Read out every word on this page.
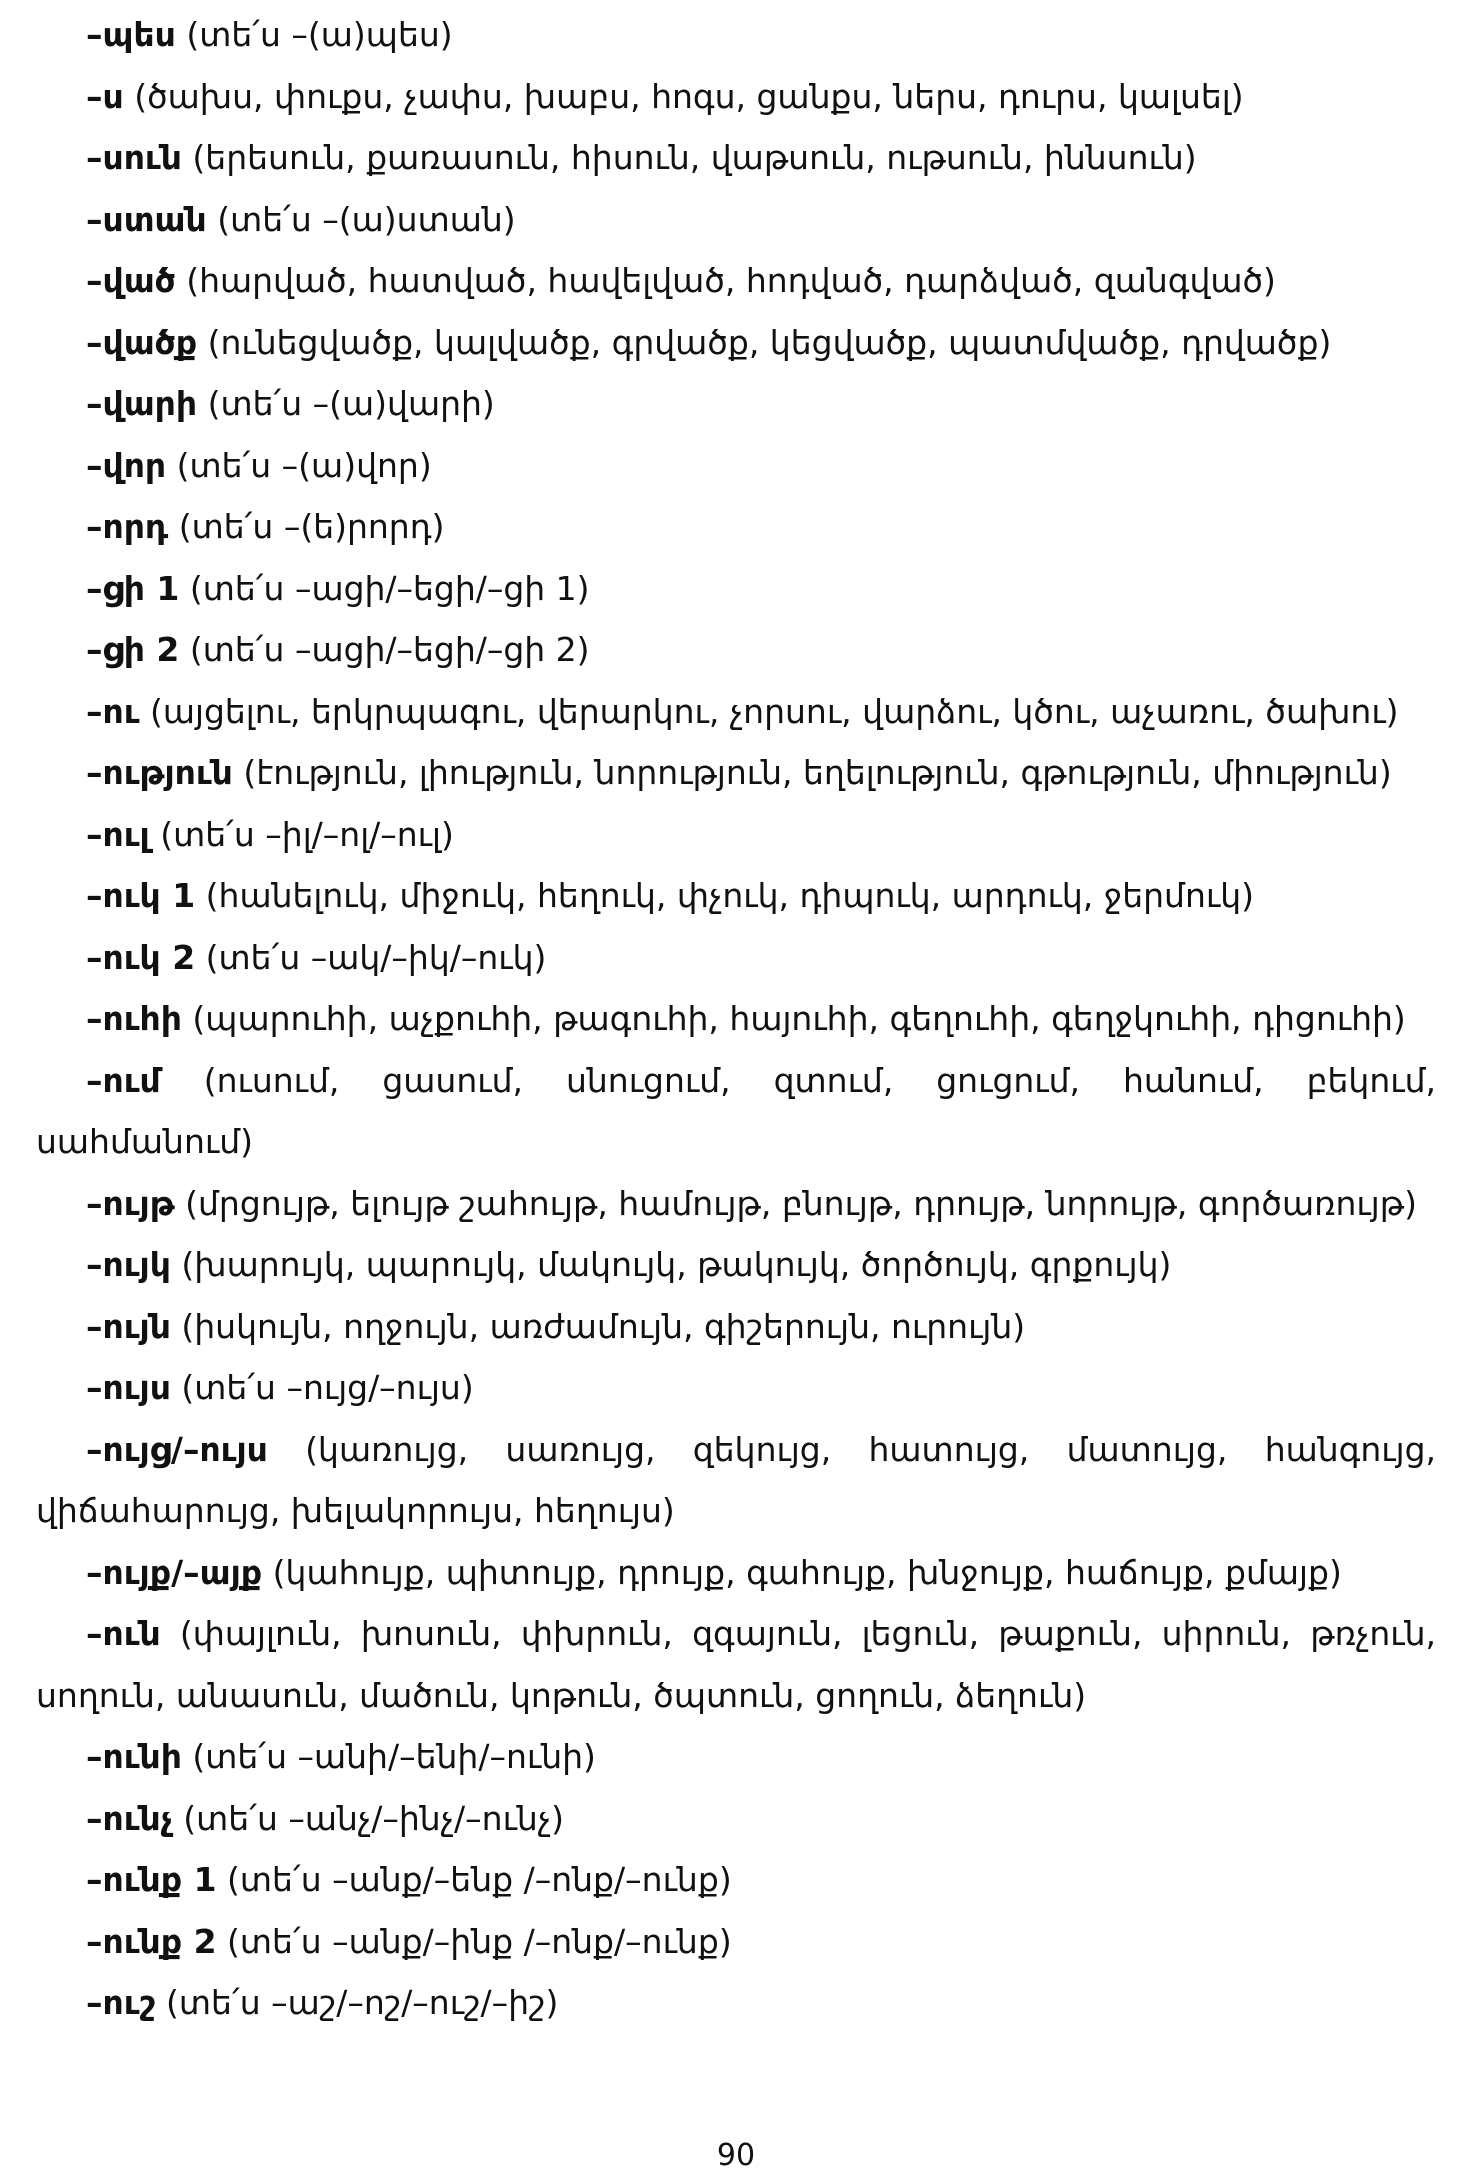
–պես (տե՛ս –(ա)պես)
–ս (ծախս, փուքս, չափս, խաբս, հոգս, ցանքս, ներս, դուրս, կալսել)
–սուն (երեսուն, քառասուն, հիսուն, վաթսուն, ութսուն, իննսուն)
–ստան (տե՛ս –(ա)ստան)
–ված (հարված, հատված, հավելված, հոդված, դարձված, զանգված)
–վածք (ունեցվածք, կալվածք, գրվածք, կեցվածք, պատմվածք, դրվածք)
–վարի (տե՛ս –(ա)վարի)
–վոր (տե՛ս –(ա)վոր)
–որդ (տե՛ս –(ե)րորդ)
–ցի 1 (տե՛ս –ացի/–եցի/–ցի 1)
–ցի 2 (տե՛ս –ացի/–եցի/–ցի 2)
–ու (այցելու, երկրպագու, վերարկու, չորսու, վարձու, կծու, աչառու, ծախու)
–ություն (էություն, լիություն, նորություն, եղելություն, գթություն, միություն)
–ուլ (տե՛ս –իլ/–ոլ/–ուլ)
–ուկ 1 (հանելուկ, միջուկ, հեղուկ, փչուկ, դիպուկ, արդուկ, ջերմուկ)
–ուկ 2 (տե՛ս –ակ/–իկ/–ուկ)
–ուհի (պարուհի, աչքուհի, թագուհի, հայուհի, գեղուհի, գեղջկուհի, դիցուհի)
–ում (ուսում, ցասում, սնուցում, զտում, ցուցում, հանում, բեկում, սահմանում)
–ույթ (մրցույթ, ելույթ շահույթ, համույթ, բնույթ, դրույթ, նորույթ, գործառույթ)
–ույկ (խարույկ, պարույկ, մակույկ, թակույկ, ծործույկ, գրքույկ)
–ույն (իսկույն, ողջույն, առժամույն, գիշերույն, ուրույն)
–ույս (տե՛ս –ույց/–ույս)
–ույց/–ույս (կառույց, սառույց, զեկույց, հատույց, մատույց, հանգույց, վիճահարույց, խելակորույս, հեղույս)
–ույք/–այք (կահույք, պիտույք, դրույք, գահույք, խնջույք, հաճույք, քմայք)
–ուն (փայլուն, խոսուն, փխրուն, զգայուն, լեցուն, թաքուն, սիրուն, թռչուն, սողուն, անասուն, մածուն, կոթուն, ծպտուն, ցողուն, ձեղուն)
–ունի (տե՛ս –անի/–ենի/–ունի)
–ունչ (տե՛ս –անչ/–ինչ/–ունչ)
–ունք 1 (տե՛ս –անք/–ենք /–ոնք/–ունք)
–ունք 2 (տե՛ս –անք/–ինք /–ոնք/–ունք)
–ուշ (տե՛ս –աշ/–ոշ/–ուշ/–իշ)
90
